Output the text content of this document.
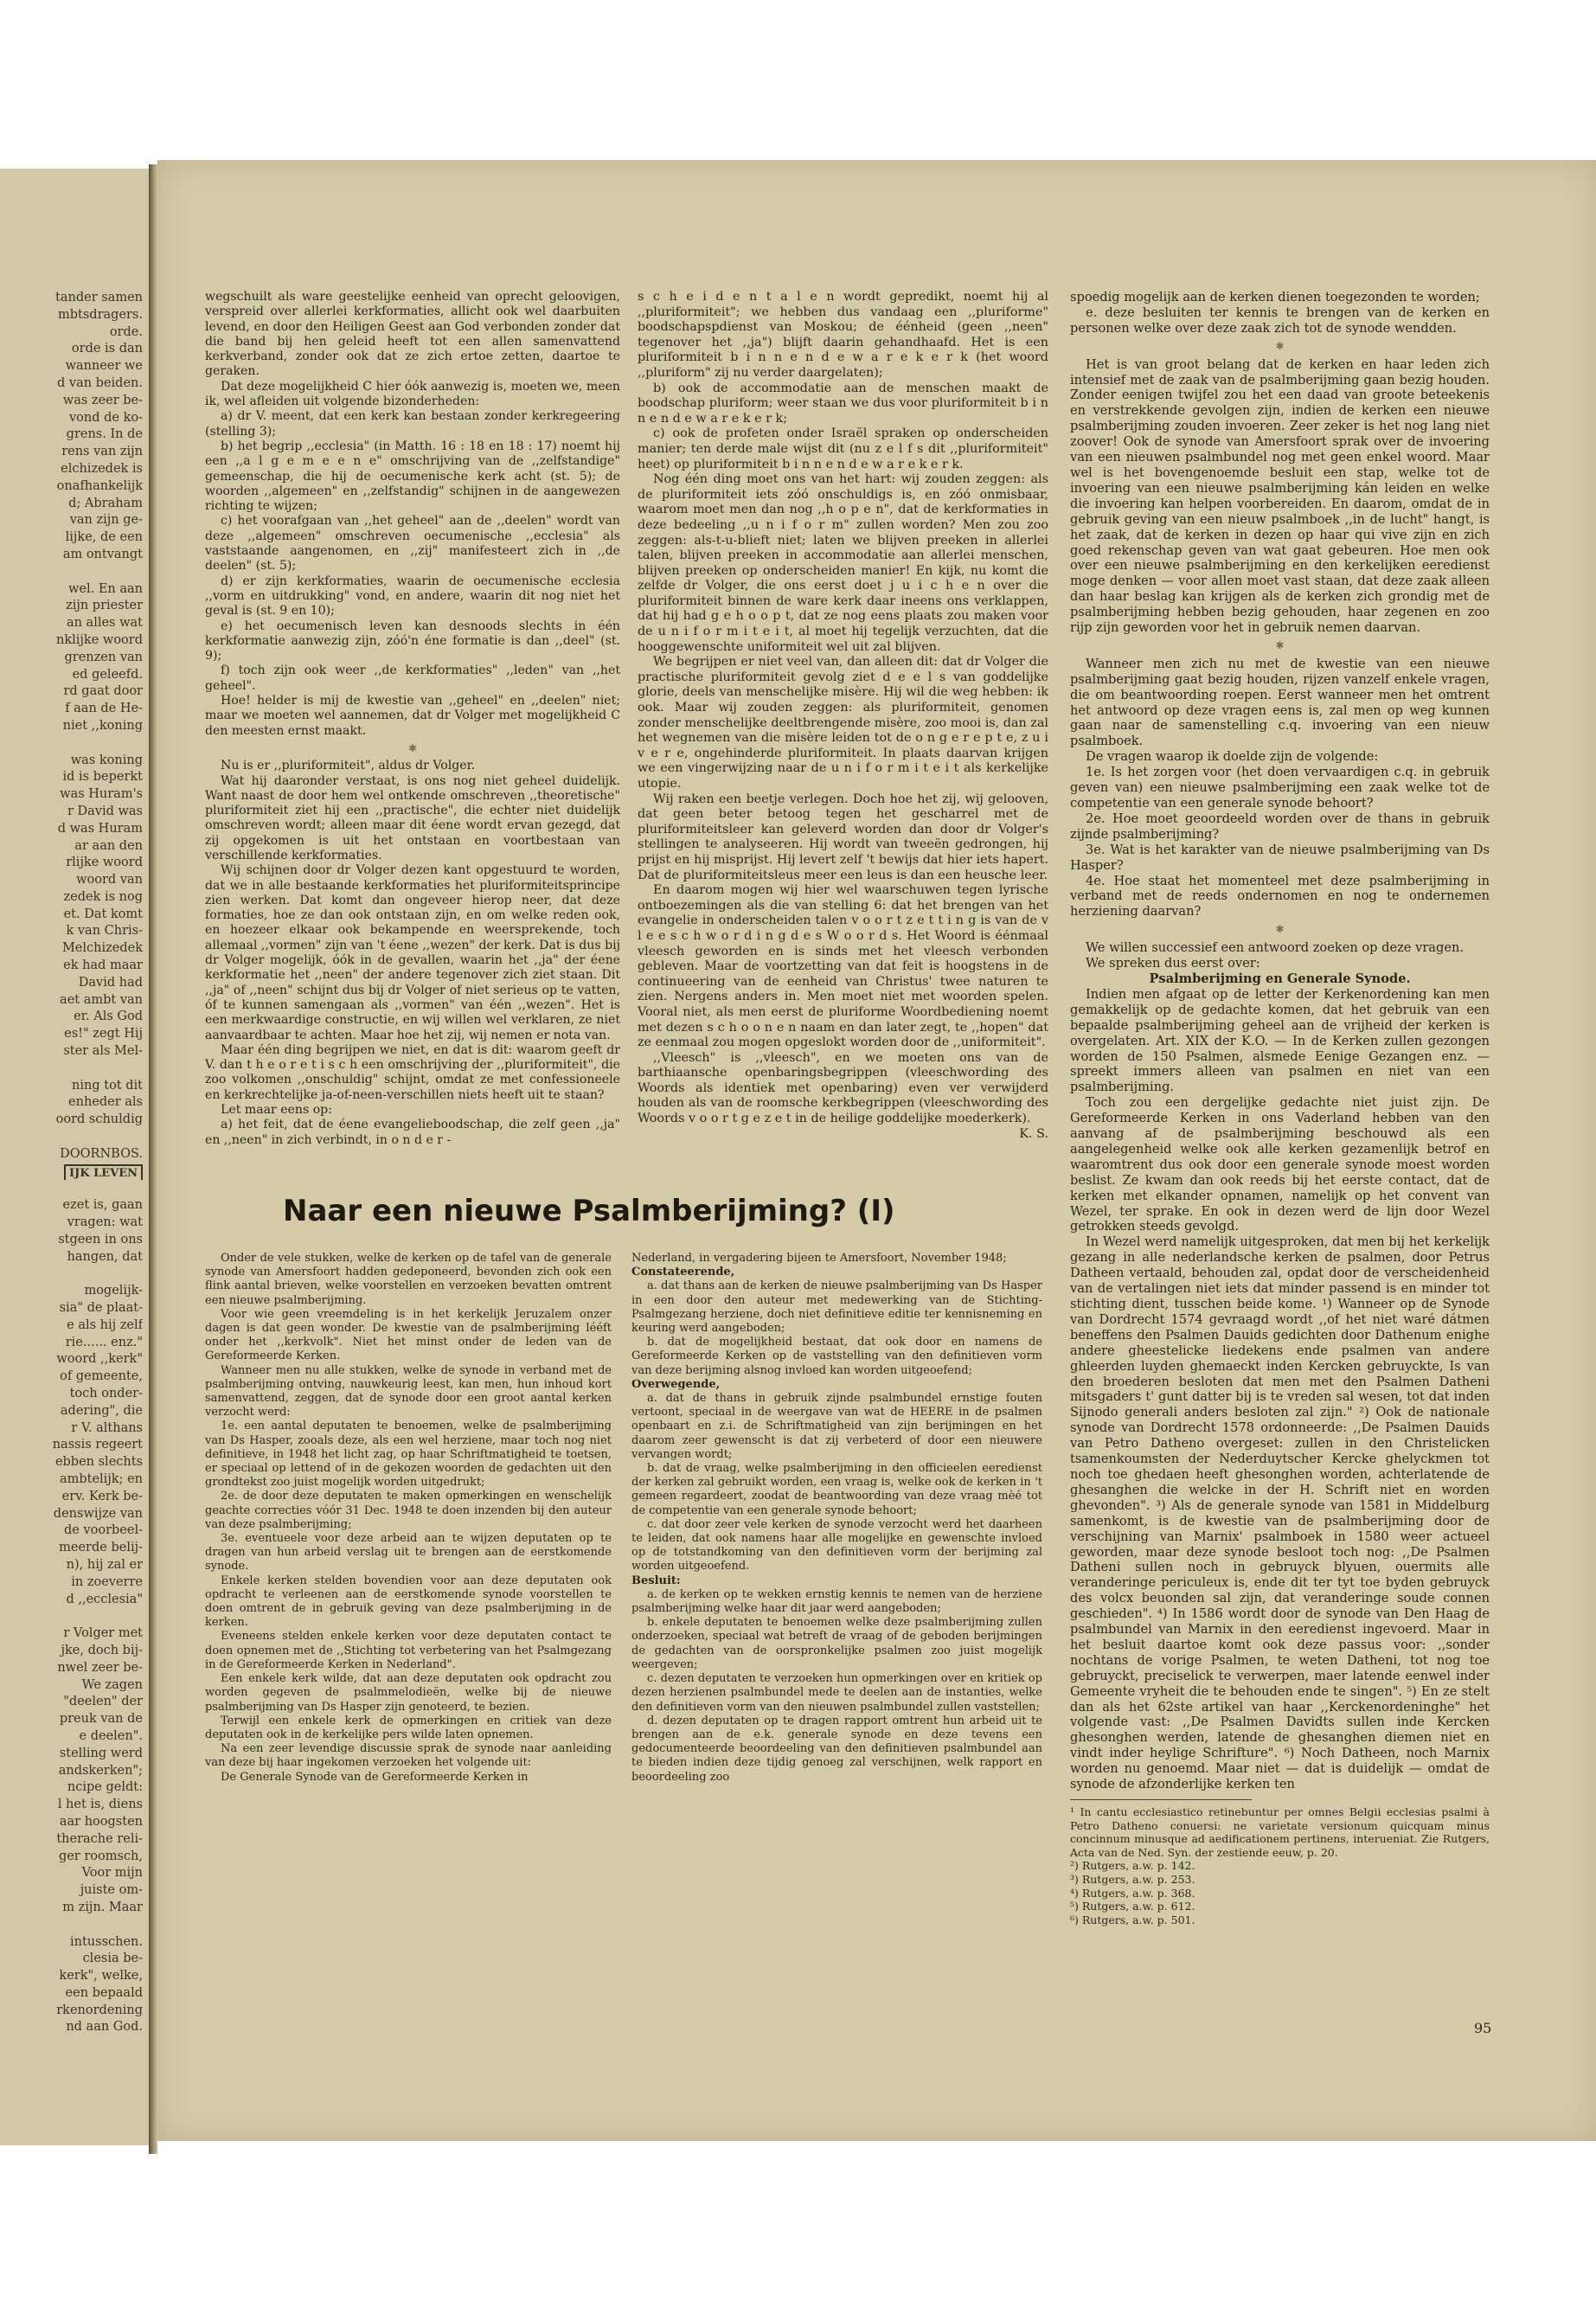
tander samen
mbtsdragers.
orde.
orde is dan
wanneer we
d van beiden.
was zeer be-
vond de ko-
grens. In de
rens van zijn
elchizedek is
onafhankelijk
d; Abraham
van zijn ge-
lijke, de een
am ontvangt
wel. En aan
zijn priester
an alles wat
nklijke woord
grenzen van
ed geleefd.
rd gaat door
f aan de He-
niet ,,koning
was koning
id is beperkt
was Huram's
r David was
d was Huram
ar aan den
rlijke woord
woord van
zedek is nog
et. Dat komt
k van Chris-
Melchizedek
ek had maar
David had
aet ambt van
er. Als God
es!" zegt Hij
ster als Mel-
ning tot dit
enheder als
oord schuldig
DOORNBOS.
IJK LEVEN
ezet is, gaan
vragen: wat
stgeen in ons
hangen, dat
mogelijk-
sia" de plaat-
e als hij zelf
rie...... enz."
woord ,,kerk"
of gemeente,
toch onder-
adering", die
r V. althans
nassis regeert
ebben slechts
ambtelijk; en
erv. Kerk be-
denswijze van
de voorbeel-
meerde belij-
n), hij zal er
in zoeverre
d ,,ecclesia"
r Volger met
jke, doch bij-
nwel zeer be-
We zagen
"deelen" der
preuk van de
e deelen".
stelling werd
andskerken";
ncipe geldt:
l het is, diens
aar hoogsten
therache reli-
ger roomsch,
Voor mijn
juiste om-
m zijn. Maar
intusschen.
clesia be-
kerk", welke,
een bepaald
rkenordening
nd aan God.

wegschuilt als ware geestelijke eenheid van oprecht geloovigen, verspreid over allerlei kerkformaties, allicht ook wel daarbuiten levend, en door den Heiligen Geest aan God verbonden zonder dat die band bij hen geleid heeft tot een allen samenvattend kerkverband, zonder ook dat ze zich ertoe zetten, daartoe te geraken.

Dat deze mogelijkheid C hier óók aanwezig is, moeten we, meen ik, wel afleiden uit volgende bizonderheden:

a) dr V. meent, dat een kerk kan bestaan zonder kerkregeering (stelling 3);

b) het begrip ,,ecclesia" (in Matth. 16 : 18 en 18 : 17) noemt hij een ,,a l g e m e e n e" omschrijving van de ,,zelfstandige" gemeenschap, die hij de oecumenische kerk acht (st. 5); de woorden ,,algemeen" en ,,zelfstandig" schijnen in de aangewezen richting te wijzen;

c) het voorafgaan van ,,het geheel" aan de ,,deelen" wordt van deze ,,algemeen" omschreven oecumenische ,,ecclesia" als vaststaande aangenomen, en ,,zij" manifesteert zich in ,,de deelen" (st. 5);

d) er zijn kerkformaties, waarin de oecumenische ecclesia ,,vorm en uitdrukking" vond, en andere, waarin dit nog niet het geval is (st. 9 en 10);

e) het oecumenisch leven kan desnoods slechts in één kerkformatie aanwezig zijn, zóó'n éne formatie is dan ,,deel" (st. 9);

f) toch zijn ook weer ,,de kerkformaties" ,,leden" van ,,het geheel".

Hoe! helder is mij de kwestie van ,,geheel" en ,,deelen" niet; maar we moeten wel aannemen, dat dr Volger met mogelijkheid C den meesten ernst maakt.

✱

Nu is er ,,pluriformiteit", aldus dr Volger.

Wat hij daaronder verstaat, is ons nog niet geheel duidelijk. Want naast de door hem wel ontkende omschreven ,,theoretische" pluriformiteit ziet hij een ,,practische", die echter niet duidelijk omschreven wordt; alleen maar dit éene wordt ervan gezegd, dat zij opgekomen is uit het ontstaan en voortbestaan van verschillende kerkformaties.

Wij schijnen door dr Volger dezen kant opgestuurd te worden, dat we in alle bestaande kerkformaties het pluriformiteitsprincipe zien werken. Dat komt dan ongeveer hierop neer, dat deze formaties, hoe ze dan ook ontstaan zijn, en om welke reden ook, en hoezeer elkaar ook bekampende en weersprekende, toch allemaal ,,vormen" zijn van 't éene ,,wezen" der kerk. Dat is dus bij dr Volger mogelijk, óók in de gevallen, waarin het ,,ja" der éene kerkformatie het ,,neen" der andere tegenover zich ziet staan. Dit ,,ja" of ,,neen" schijnt dus bij dr Volger of niet serieus op te vatten, óf te kunnen samengaan als ,,vormen" van één ,,wezen". Het is een merkwaardige constructie, en wij willen wel verklaren, ze niet aanvaardbaar te achten. Maar hoe het zij, wij nemen er nota van.

Maar één ding begrijpen we niet, en dat is dit: waarom geeft dr V. dan t h e o r e t i s c h een omschrijving der ,,pluriformiteit", die zoo volkomen ,,onschuldig" schijnt, omdat ze met confessioneele en kerkrechtelijke ja-of-neen-verschillen niets heeft uit te staan?

Let maar eens op:

a) het feit, dat de éene evangelieboodschap, die zelf geen ,,ja" en ,,neen" in zich verbindt, in o n d e r -

s c h e i d e n t a l e n wordt gepredikt, noemt hij al ,,pluriformiteit"; we hebben dus vandaag een ,,pluriforme" boodschapspdienst van Moskou; de éénheid (geen ,,neen" tegenover het ,,ja") blijft daarin gehandhaafd. Het is een pluriformiteit b i n n e n d e w a r e k e r k (het woord ,,pluriform" zij nu verder daargelaten);

b) ook de accommodatie aan de menschen maakt de boodschap pluriform; weer staan we dus voor pluriformiteit b i n n e n d e w a r e k e r k;

c) ook de profeten onder Israël spraken op onderscheiden manier; ten derde male wijst dit (nu z e l f s dit ,,pluriformiteit" heet) op pluriformiteit b i n n e n d e w a r e k e r k.

Nog één ding moet ons van het hart: wij zouden zeggen: als de pluriformiteit iets zóó onschuldigs is, en zóó onmisbaar, waarom moet men dan nog ,,h o p e n", dat de kerkformaties in deze bedeeling ,,u n i f o r m" zullen worden? Men zou zoo zeggen: als-t-u-blieft niet; laten we blijven preeken in allerlei talen, blijven preeken in accommodatie aan allerlei menschen, blijven preeken op onderscheiden manier! En kijk, nu komt die zelfde dr Volger, die ons eerst doet j u i c h e n over die pluriformiteit binnen de ware kerk daar ineens ons verklappen, dat hij had g e h o o p t, dat ze nog eens plaats zou maken voor de u n i f o r m i t e i t, al moet hij tegelijk verzuchten, dat die hooggewenschte uniformiteit wel uit zal blijven.

We begrijpen er niet veel van, dan alleen dit: dat dr Volger die practische pluriformiteit gevolg ziet d e e l s van goddelijke glorie, deels van menschelijke misère. Hij wil die weg hebben: ik ook. Maar wij zouden zeggen: als pluriformiteit, genomen zonder menschelijke deeltbrengende misère, zoo mooi is, dan zal het wegnemen van die misère leiden tot de o n g e r e p t e, z u i v e r e, ongehinderde pluriformiteit. In plaats daarvan krijgen we een vingerwijzing naar de u n i f o r m i t e i t als kerkelijke utopie.

Wij raken een beetje verlegen. Doch hoe het zij, wij gelooven, dat geen beter betoog tegen het gescharrel met de pluriformiteitsleer kan geleverd worden dan door dr Volger's stellingen te analyseeren. Hij wordt van tweeën gedrongen, hij prijst en hij misprijst. Hij levert zelf 't bewijs dat hier iets hapert. Dat de pluriformiteitsleus meer een leus is dan een heusche leer.

En daarom mogen wij hier wel waarschuwen tegen lyrische ontboezemingen als die van stelling 6: dat het brengen van het evangelie in onderscheiden talen v o o r t z e t t i n g is van de v l e e s c h w o r d i n g d e s W o o r d s. Het Woord is éénmaal vleesch geworden en is sinds met het vleesch verbonden gebleven. Maar de voortzetting van dat feit is hoogstens in de continueering van de eenheid van Christus' twee naturen te zien. Nergens anders in. Men moet niet met woorden spelen. Vooral niet, als men eerst de pluriforme Woordbediening noemt met dezen s c h o o n e n naam en dan later zegt, te ,,hopen" dat ze eenmaal zou mogen opgeslokt worden door de ,,uniformiteit".

,,Vleesch" is ,,vleesch", en we moeten ons van de barthiaansche openbaringsbegrippen (vleeschwording des Woords als identiek met openbaring) even ver verwijderd houden als van de roomsche kerkbegrippen (vleeschwording des Woords v o o r t g e z e t in de heilige goddelijke moederkerk).

K. S.

Naar een nieuwe Psalmberijming? (I)

Onder de vele stukken, welke de kerken op de tafel van de generale synode van Amersfoort hadden gedeponeerd, bevonden zich ook een flink aantal brieven, welke voorstellen en verzoeken bevatten omtrent een nieuwe psalmberijming.

Voor wie geen vreemdeling is in het kerkelijk Jeruzalem onzer dagen is dat geen wonder. De kwestie van de psalmberijming lééft onder het ,,kerkvolk". Niet het minst onder de leden van de Gereformeerde Kerken.

Wanneer men nu alle stukken, welke de synode in verband met de psalmberijming ontving, nauwkeurig leest, kan men, hun inhoud kort samenvattend, zeggen, dat de synode door een groot aantal kerken verzocht werd:

1e. een aantal deputaten te benoemen, welke de psalmberijming van Ds Hasper, zooals deze, als een wel herziene, maar toch nog niet definitieve, in 1948 het licht zag, op haar Schriftmatigheid te toetsen, er speciaal op lettend of in de gekozen woorden de gedachten uit den grondtekst zoo juist mogelijk worden uitgedrukt;

2e. de door deze deputaten te maken opmerkingen en wenschelijk geachte correcties vóór 31 Dec. 1948 te doen inzenden bij den auteur van deze psalmberijming;

3e. eventueele voor deze arbeid aan te wijzen deputaten op te dragen van hun arbeid verslag uit te brengen aan de eerstkomende synode.

Enkele kerken stelden bovendien voor aan deze deputaten ook opdracht te verleenen aan de eerstkomende synode voorstellen te doen omtrent de in gebruik geving van deze psalmberijming in de kerken.

Eveneens stelden enkele kerken voor deze deputaten contact te doen opnemen met de ,,Stichting tot verbetering van het Psalmgezang in de Gereformeerde Kerken in Nederland".

Een enkele kerk wilde, dat aan deze deputaten ook opdracht zou worden gegeven de psalmmelodieën, welke bij de nieuwe psalmberijming van Ds Hasper zijn genoteerd, te bezien.

Terwijl een enkele kerk de opmerkingen en critiek van deze deputaten ook in de kerkelijke pers wilde laten opnemen.

Na een zeer levendige discussie sprak de synode naar aanleiding van deze bij haar ingekomen verzoeken het volgende uit:

De Generale Synode van de Gereformeerde Kerken in

Nederland, in vergadering bijeen te Amersfoort, November 1948;

Constateerende,

a. dat thans aan de kerken de nieuwe psalmberijming van Ds Hasper in een door den auteur met medewerking van de Stichting-Psalmgezang herziene, doch niet definitieve editie ter kennisneming en keuring werd aangeboden;

b. dat de mogelijkheid bestaat, dat ook door en namens de Gereformeerde Kerken op de vaststelling van den definitieven vorm van deze berijming alsnog invloed kan worden uitgeoefend;

Overwegende,

a. dat de thans in gebruik zijnde psalmbundel ernstige fouten vertoont, speciaal in de weergave van wat de HEERE in de psalmen openbaart en z.i. de Schriftmatigheid van zijn berijmingen en het daarom zeer gewenscht is dat zij verbeterd of door een nieuwere vervangen wordt;

b. dat de vraag, welke psalmberijming in den officieelen eeredienst der kerken zal gebruikt worden, een vraag is, welke ook de kerken in 't gemeen regardeert, zoodat de beantwoording van deze vraag mèé tot de competentie van een generale synode behoort;

c. dat door zeer vele kerken de synode verzocht werd het daarheen te leiden, dat ook namens haar alle mogelijke en gewenschte invloed op de totstandkoming van den definitieven vorm der berijming zal worden uitgeoefend.

Besluit:

a. de kerken op te wekken ernstig kennis te nemen van de herziene psalmberijming welke haar dit jaar werd aangeboden;

b. enkele deputaten te benoemen welke deze psalmberijming zullen onderzoeken, speciaal wat betreft de vraag of de geboden berijmingen de gedachten van de oorspronkelijke psalmen zoo juist mogelijk weergeven;

c. dezen deputaten te verzoeken hun opmerkingen over en kritiek op dezen herzienen psalmbundel mede te deelen aan de instanties, welke den definitieven vorm van den nieuwen psalmbundel zullen vaststellen;

d. dezen deputaten op te dragen rapport omtrent hun arbeid uit te brengen aan de e.k. generale synode en deze tevens een gedocumenteerde beoordeeling van den definitieven psalmbundel aan te bieden indien deze tijdig genoeg zal verschijnen, welk rapport en beoordeeling zoo

spoedig mogelijk aan de kerken dienen toegezonden te worden;

e. deze besluiten ter kennis te brengen van de kerken en personen welke over deze zaak zich tot de synode wendden.

✱

Het is van groot belang dat de kerken en haar leden zich intensief met de zaak van de psalmberijming gaan bezig houden. Zonder eenigen twijfel zou het een daad van groote beteekenis en verstrekkende gevolgen zijn, indien de kerken een nieuwe psalmberijming zouden invoeren. Zeer zeker is het nog lang niet zoover! Ook de synode van Amersfoort sprak over de invoering van een nieuwen psalmbundel nog met geen enkel woord. Maar wel is het bovengenoemde besluit een stap, welke tot de invoering van een nieuwe psalmberijming kán leiden en welke die invoering kan helpen voorbereiden. En daarom, omdat de in gebruik geving van een nieuw psalmboek ,,in de lucht" hangt, is het zaak, dat de kerken in dezen op haar qui vive zijn en zich goed rekenschap geven van wat gaat gebeuren. Hoe men ook over een nieuwe psalmberijming en den kerkelijken eeredienst moge denken — voor allen moet vast staan, dat deze zaak alleen dan haar beslag kan krijgen als de kerken zich grondig met de psalmberijming hebben bezig gehouden, haar zegenen en zoo rijp zijn geworden voor het in gebruik nemen daarvan.

✱

Wanneer men zich nu met de kwestie van een nieuwe psalmberijming gaat bezig houden, rijzen vanzelf enkele vragen, die om beantwoording roepen. Eerst wanneer men het omtrent het antwoord op deze vragen eens is, zal men op weg kunnen gaan naar de samenstelling c.q. invoering van een nieuw psalmboek.

De vragen waarop ik doelde zijn de volgende:

1e. Is het zorgen voor (het doen vervaardigen c.q. in gebruik geven van) een nieuwe psalmberijming een zaak welke tot de competentie van een generale synode behoort?

2e. Hoe moet geoordeeld worden over de thans in gebruik zijnde psalmberijming?

3e. Wat is het karakter van de nieuwe psalmberijming van Ds Hasper?

4e. Hoe staat het momenteel met deze psalmberijming in verband met de reeds ondernomen en nog te ondernemen herziening daarvan?

✱

We willen successief een antwoord zoeken op deze vragen.

We spreken dus eerst over:

Psalmberijming en Generale Synode.

Indien men afgaat op de letter der Kerkenordening kan men gemakkelijk op de gedachte komen, dat het gebruik van een bepaalde psalmberijming geheel aan de vrijheid der kerken is overgelaten. Art. XIX der K.O. — In de Kerken zullen gezongen worden de 150 Psalmen, alsmede Eenige Gezangen enz. — spreekt immers alleen van psalmen en niet van een psalmberijming.

Toch zou een dergelijke gedachte niet juist zijn. De Gereformeerde Kerken in ons Vaderland hebben van den aanvang af de psalmberijming beschouwd als een aangelegenheid welke ook alle kerken gezamenlijk betrof en waaromtrent dus ook door een generale synode moest worden beslist. Ze kwam dan ook reeds bij het eerste contact, dat de kerken met elkander opnamen, namelijk op het convent van Wezel, ter sprake. En ook in dezen werd de lijn door Wezel getrokken steeds gevolgd.

In Wezel werd namelijk uitgesproken, dat men bij het kerkelijk gezang in alle nederlandsche kerken de psalmen, door Petrus Datheen vertaald, behouden zal, opdat door de verscheidenheid van de vertalingen niet iets dat minder passend is en minder tot stichting dient, tusschen beide kome. ¹) Wanneer op de Synode van Dordrecht 1574 gevraagd wordt ,,of het niet waré dátmen beneffens den Psalmen Dauids gedichten door Dathenum enighe andere gheestelicke liedekens ende psalmen van andere ghleerden luyden ghemaeckt inden Kercken gebruyckte, Is van den broederen besloten dat men met den Psalmen Datheni mitsgaders t' gunt datter bij is te vreden sal wesen, tot dat inden Sijnodo generali anders besloten zal zijn." ²) Ook de nationale synode van Dordrecht 1578 ordonneerde: ,,De Psalmen Dauids van Petro Datheno overgeset: zullen in den Christelicken tsamenkoumsten der Nederduytscher Kercke ghelyckmen tot noch toe ghedaen heeft ghesonghen worden, achterlatende de ghesanghen die welcke in der H. Schrift niet en worden ghevonden". ³) Als de generale synode van 1581 in Middelburg samenkomt, is de kwestie van de psalmberijming door de verschijning van Marnix' psalmboek in 1580 weer actueel geworden, maar deze synode besloot toch nog: ,,De Psalmen Datheni sullen noch in gebruyck blyuen, ouermits alle veranderinge periculeux is, ende dit ter tyt toe byden gebruyck des volcx beuonden sal zijn, dat veranderinge soude connen geschieden". ⁴) In 1586 wordt door de synode van Den Haag de psalmbundel van Marnix in den eeredienst ingevoerd. Maar in het besluit daartoe komt ook deze passus voor: ,,sonder nochtans de vorige Psalmen, te weten Datheni, tot nog toe gebruyckt, preciselick te verwerpen, maer latende eenwel inder Gemeente vryheit die te behouden ende te singen". ⁵) En ze stelt dan als het 62ste artikel van haar ,,Kerckenordeninghe" het volgende vast: ,,De Psalmen Davidts sullen inde Kercken ghesonghen werden, latende de ghesanghen diemen niet en vindt inder heylige Schrifture". ⁶) Noch Datheen, noch Marnix worden nu genoemd. Maar niet — dat is duidelijk — omdat de synode de afzonderlijke kerken ten

¹ In cantu ecclesiastico retinebuntur per omnes Belgii ecclesias psalmi à Petro Datheno conuersi: ne varietate versionum quicquam minus concinnum minusque ad aedificationem pertinens, interueniat. Zie Rutgers, Acta van de Ned. Syn. der zestiende eeuw, p. 20.

²) Rutgers, a.w. p. 142.

³) Rutgers, a.w. p. 253.

⁴) Rutgers, a.w. p. 368.

⁵) Rutgers, a.w. p. 612.

⁶) Rutgers, a.w. p. 501.

95
